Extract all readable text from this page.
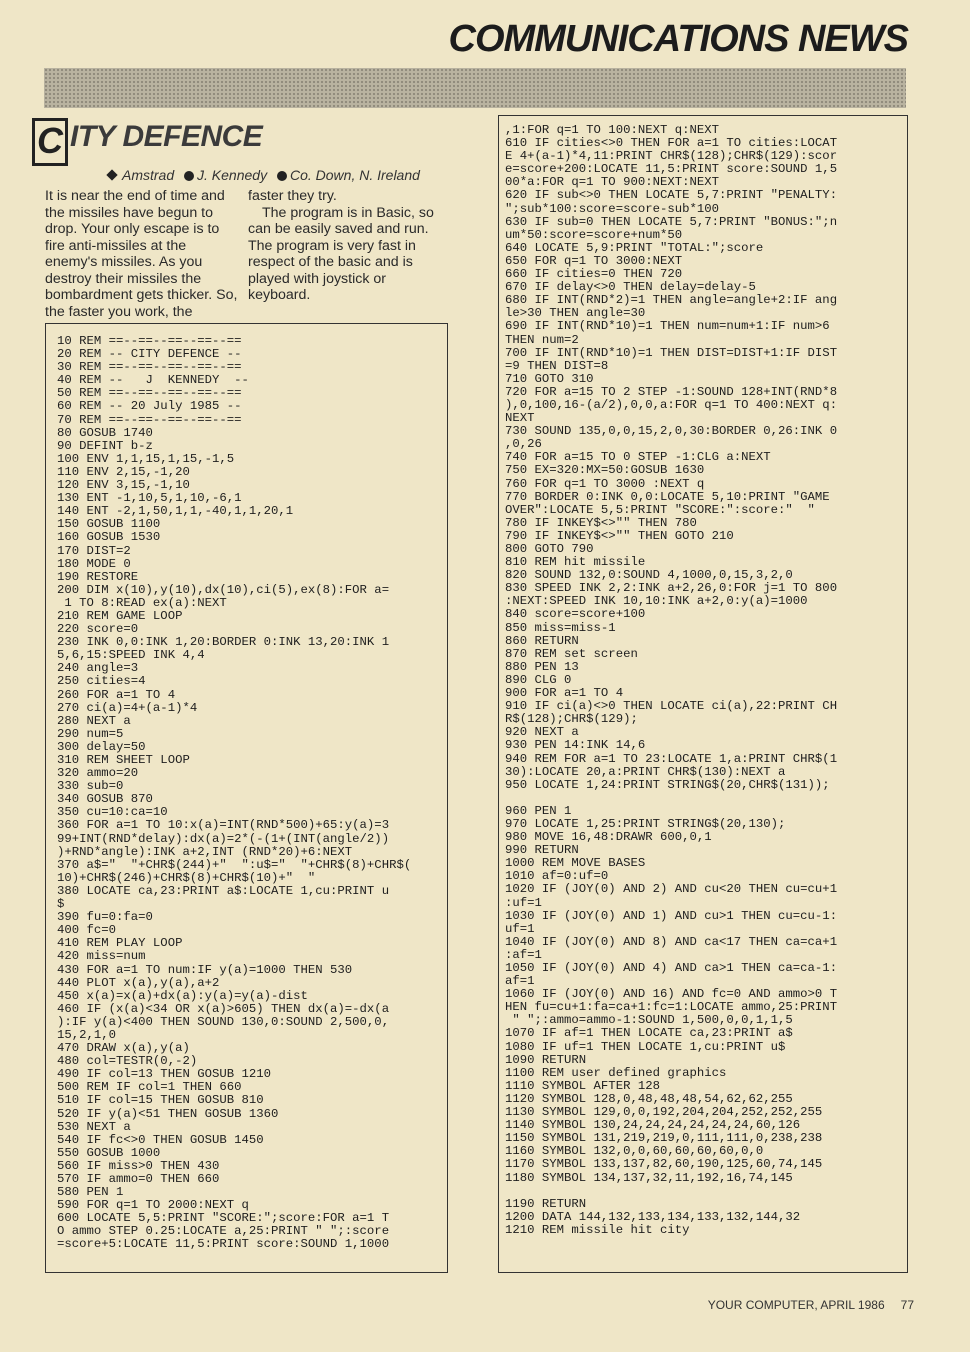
COMMUNICATIONS NEWS
C ITY DEFENCE
Amstrad J. Kennedy Co. Down, N. Ireland

It is near the end of time and the missiles have begun to drop. Your only escape is to fire anti-missiles at the enemy's missiles. As you destroy their missiles the bombardment gets thicker. So, the faster you work, the

faster they try.

The program is in Basic, so can be easily saved and run. The program is very fast in respect of the basic and is played with joystick or keyboard.

10 REM ==--==--==--==--==
20 REM -- CITY DEFENCE --
30 REM ==--==--==--==--==
40 REM --   J  KENNEDY  --
50 REM ==--==--==--==--==
60 REM -- 20 July 1985 --
70 REM ==--==--==--==--==
80 GOSUB 1740
90 DEFINT b-z
100 ENV 1,1,15,1,15,-1,5
110 ENV 2,15,-1,20
120 ENV 3,15,-1,10
130 ENT -1,10,5,1,10,-6,1
140 ENT -2,1,50,1,1,-40,1,1,20,1
150 GOSUB 1100
160 GOSUB 1530
170 DIST=2
180 MODE 0
190 RESTORE
200 DIM x(10),y(10),dx(10),ci(5),ex(8):FOR a=
1 TO 8:READ ex(a):NEXT
210 REM GAME LOOP
220 score=0
230 INK 0,0:INK 1,20:BORDER 0:INK 13,20:INK 1
5,6,15:SPEED INK 4,4
240 angle=3
250 cities=4
260 FOR a=1 TO 4
270 ci(a)=4+(a-1)*4
280 NEXT a
290 num=5
300 delay=50
310 REM SHEET LOOP
320 ammo=20
330 sub=0
340 GOSUB 870
350 cu=10:ca=10
360 FOR a=1 TO 10:x(a)=INT(RND*500)+65:y(a)=3
99+INT(RND*delay):dx(a)=2*(-(1+(INT(angle/2))
)+RND*angle):INK a+2,INT (RND*20)+6:NEXT
370 a$="  "+CHR$(244)+"  ":u$="  "+CHR$(8)+CHR$(
10)+CHR$(246)+CHR$(8)+CHR$(10)+"  "
380 LOCATE ca,23:PRINT a$:LOCATE 1,cu:PRINT u
$
390 fu=0:fa=0
400 fc=0
410 REM PLAY LOOP
420 miss=num
430 FOR a=1 TO num:IF y(a)=1000 THEN 530
440 PLOT x(a),y(a),a+2
450 x(a)=x(a)+dx(a):y(a)=y(a)-dist
460 IF (x(a)<34 OR x(a)>605) THEN dx(a)=-dx(a
):IF y(a)<400 THEN SOUND 130,0:SOUND 2,500,0,
15,2,1,0
470 DRAW x(a),y(a)
480 col=TESTR(0,-2)
490 IF col=13 THEN GOSUB 1210
500 REM IF col=1 THEN 660
510 IF col=15 THEN GOSUB 810
520 IF y(a)<51 THEN GOSUB 1360
530 NEXT a
540 IF fc<>0 THEN GOSUB 1450
550 GOSUB 1000
560 IF miss>0 THEN 430
570 IF ammo=0 THEN 660
580 PEN 1
590 FOR q=1 TO 2000:NEXT q
600 LOCATE 5,5:PRINT "SCORE:";score:FOR a=1 T
O ammo STEP 0.25:LOCATE a,25:PRINT " ";:score
=score+5:LOCATE 11,5:PRINT score:SOUND 1,1000
,1:FOR q=1 TO 100:NEXT q:NEXT
610 IF cities<>0 THEN FOR a=1 TO cities:LOCAT
E 4+(a-1)*4,11:PRINT CHR$(128);CHR$(129):scor
e=score+200:LOCATE 11,5:PRINT score:SOUND 1,5
00*a:FOR q=1 TO 900:NEXT:NEXT
620 IF sub<>0 THEN LOCATE 5,7:PRINT "PENALTY:
";sub*100:score=score-sub*100
630 IF sub=0 THEN LOCATE 5,7:PRINT "BONUS:";n
um*50:score=score+num*50
640 LOCATE 5,9:PRINT "TOTAL:";score
650 FOR q=1 TO 3000:NEXT
660 IF cities=0 THEN 720
670 IF delay<>0 THEN delay=delay-5
680 IF INT(RND*2)=1 THEN angle=angle+2:IF ang
le>30 THEN angle=30
690 IF INT(RND*10)=1 THEN num=num+1:IF num>6
THEN num=2
700 IF INT(RND*10)=1 THEN DIST=DIST+1:IF DIST
=9 THEN DIST=8
710 GOTO 310
720 FOR a=15 TO 2 STEP -1:SOUND 128+INT(RND*8
),0,100,16-(a/2),0,0,a:FOR q=1 TO 400:NEXT q:
NEXT
730 SOUND 135,0,0,15,2,0,30:BORDER 0,26:INK 0
,0,26
740 FOR a=15 TO 0 STEP -1:CLG a:NEXT
750 EX=320:MX=50:GOSUB 1630
760 FOR q=1 TO 3000 :NEXT q
770 BORDER 0:INK 0,0:LOCATE 5,10:PRINT "GAME
OVER":LOCATE 5,5:PRINT "SCORE:":score:"  "
780 IF INKEY$<>"" THEN 780
790 IF INKEY$<>"" THEN GOTO 210
800 GOTO 790
810 REM hit missile
820 SOUND 132,0:SOUND 4,1000,0,15,3,2,0
830 SPEED INK 2,2:INK a+2,26,0:FOR j=1 TO 800
:NEXT:SPEED INK 10,10:INK a+2,0:y(a)=1000
840 score=score+100
850 miss=miss-1
860 RETURN
870 REM set screen
880 PEN 13
890 CLG 0
900 FOR a=1 TO 4
910 IF ci(a)<>0 THEN LOCATE ci(a),22:PRINT CH
R$(128);CHR$(129);
920 NEXT a
930 PEN 14:INK 14,6
940 REM FOR a=1 TO 23:LOCATE 1,a:PRINT CHR$(1
30):LOCATE 20,a:PRINT CHR$(130):NEXT a
950 LOCATE 1,24:PRINT STRING$(20,CHR$(131));

960 PEN 1
970 LOCATE 1,25:PRINT STRING$(20,130);
980 MOVE 16,48:DRAWR 600,0,1
990 RETURN
1000 REM MOVE BASES
1010 af=0:uf=0
1020 IF (JOY(0) AND 2) AND cu<20 THEN cu=cu+1
:uf=1
1030 IF (JOY(0) AND 1) AND cu>1 THEN cu=cu-1:
uf=1
1040 IF (JOY(0) AND 8) AND ca<17 THEN ca=ca+1
:af=1
1050 IF (JOY(0) AND 4) AND ca>1 THEN ca=ca-1:
af=1
1060 IF (JOY(0) AND 16) AND fc=0 AND ammo>0 T
HEN fu=cu+1:fa=ca+1:fc=1:LOCATE ammo,25:PRINT
" ";:ammo=ammo-1:SOUND 1,500,0,0,1,1,5
1070 IF af=1 THEN LOCATE ca,23:PRINT a$
1080 IF uf=1 THEN LOCATE 1,cu:PRINT u$
1090 RETURN
1100 REM user defined graphics
1110 SYMBOL AFTER 128
1120 SYMBOL 128,0,48,48,48,54,62,62,255
1130 SYMBOL 129,0,0,192,204,204,252,252,255
1140 SYMBOL 130,24,24,24,24,24,24,60,126
1150 SYMBOL 131,219,219,0,111,111,0,238,238
1160 SYMBOL 132,0,0,60,60,60,60,0,0
1170 SYMBOL 133,137,82,60,190,125,60,74,145
1180 SYMBOL 134,137,32,11,192,16,74,145

1190 RETURN
1200 DATA 144,132,133,134,133,132,144,32
1210 REM missile hit city
YOUR COMPUTER, APRIL 1986 77
